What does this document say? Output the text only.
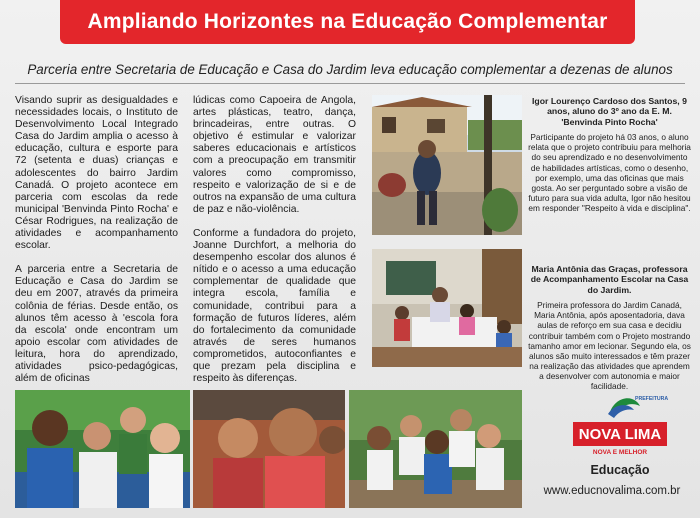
Ampliando Horizontes na Educação Complementar
Parceria entre Secretaria de Educação e Casa do Jardim leva educação complementar a dezenas de alunos

Visando suprir as desigualdades e necessidades locais, o Instituto de Desenvolvimento Local Integrado Casa do Jardim amplia o acesso à educação, cultura e esporte para 72 (setenta e duas) crianças e adolescentes do bairro Jardim Canadá. O projeto acontece em parceria com escolas da rede municipal 'Benvinda Pinto Rocha' e César Rodrigues, na realização de atividades e acompanhamento escolar.

A parceria entre a Secretaria de Educação e Casa do Jardim se deu em 2007, através da primeira colônia de férias. Desde então, os alunos têm acesso à 'escola fora da escola' onde encontram um apoio escolar com atividades de leitura, hora do aprendizado, atividades psico-pedagógicas, além de oficinas

lúdicas como Capoeira de Angola, artes plásticas, teatro, dança, brincadeiras, entre outras. O objetivo é estimular e valorizar saberes educacionais e artísticos com a preocupação em transmitir valores como compromisso, respeito e valorização de si e de outros na expansão de uma cultura de paz e não-violência.

Conforme a fundadora do projeto, Joanne Durchfort, a melhoria do desempenho escolar dos alunos é nítido e o acesso a uma educação complementar de qualidade que integra escola, família e comunidade, contribui para a formação de futuros líderes, além do fortalecimento da comunidade através de seres humanos comprometidos, autoconfiantes e que prezam pela disciplina e respeito às diferenças.

Igor Lourenço Cardoso dos Santos, 9 anos, aluno do 3º ano da E. M. 'Benvinda Pinto Rocha'

Participante do projeto há 03 anos, o aluno relata que o projeto contribuiu para melhoria do seu aprendizado e no desenvolvimento de habilidades artísticas, como o desenho, por exemplo, uma das oficinas que mais gosta. Ao ser perguntado sobre a visão de futuro para sua vida adulta, Igor não hesitou em responder "Respeito à vida e disciplina".

Maria Antônia das Graças, professora de Acompanhamento Escolar na Casa do Jardim.

Primeira professora do Jardim Canadá, Maria Antônia, após aposentadoria, dava aulas de reforço em sua casa e decidiu contribuir também com o Projeto mostrando tamanho amor em lecionar. Segundo ela, os alunos são muito interessados e têm prazer na realização das atividades que aprendem a desenvolver com autonomia e maior facilidade.

PREFEITURA
NOVA LIMA
NOVA E MELHOR
Educação
www.educnovalima.com.br
